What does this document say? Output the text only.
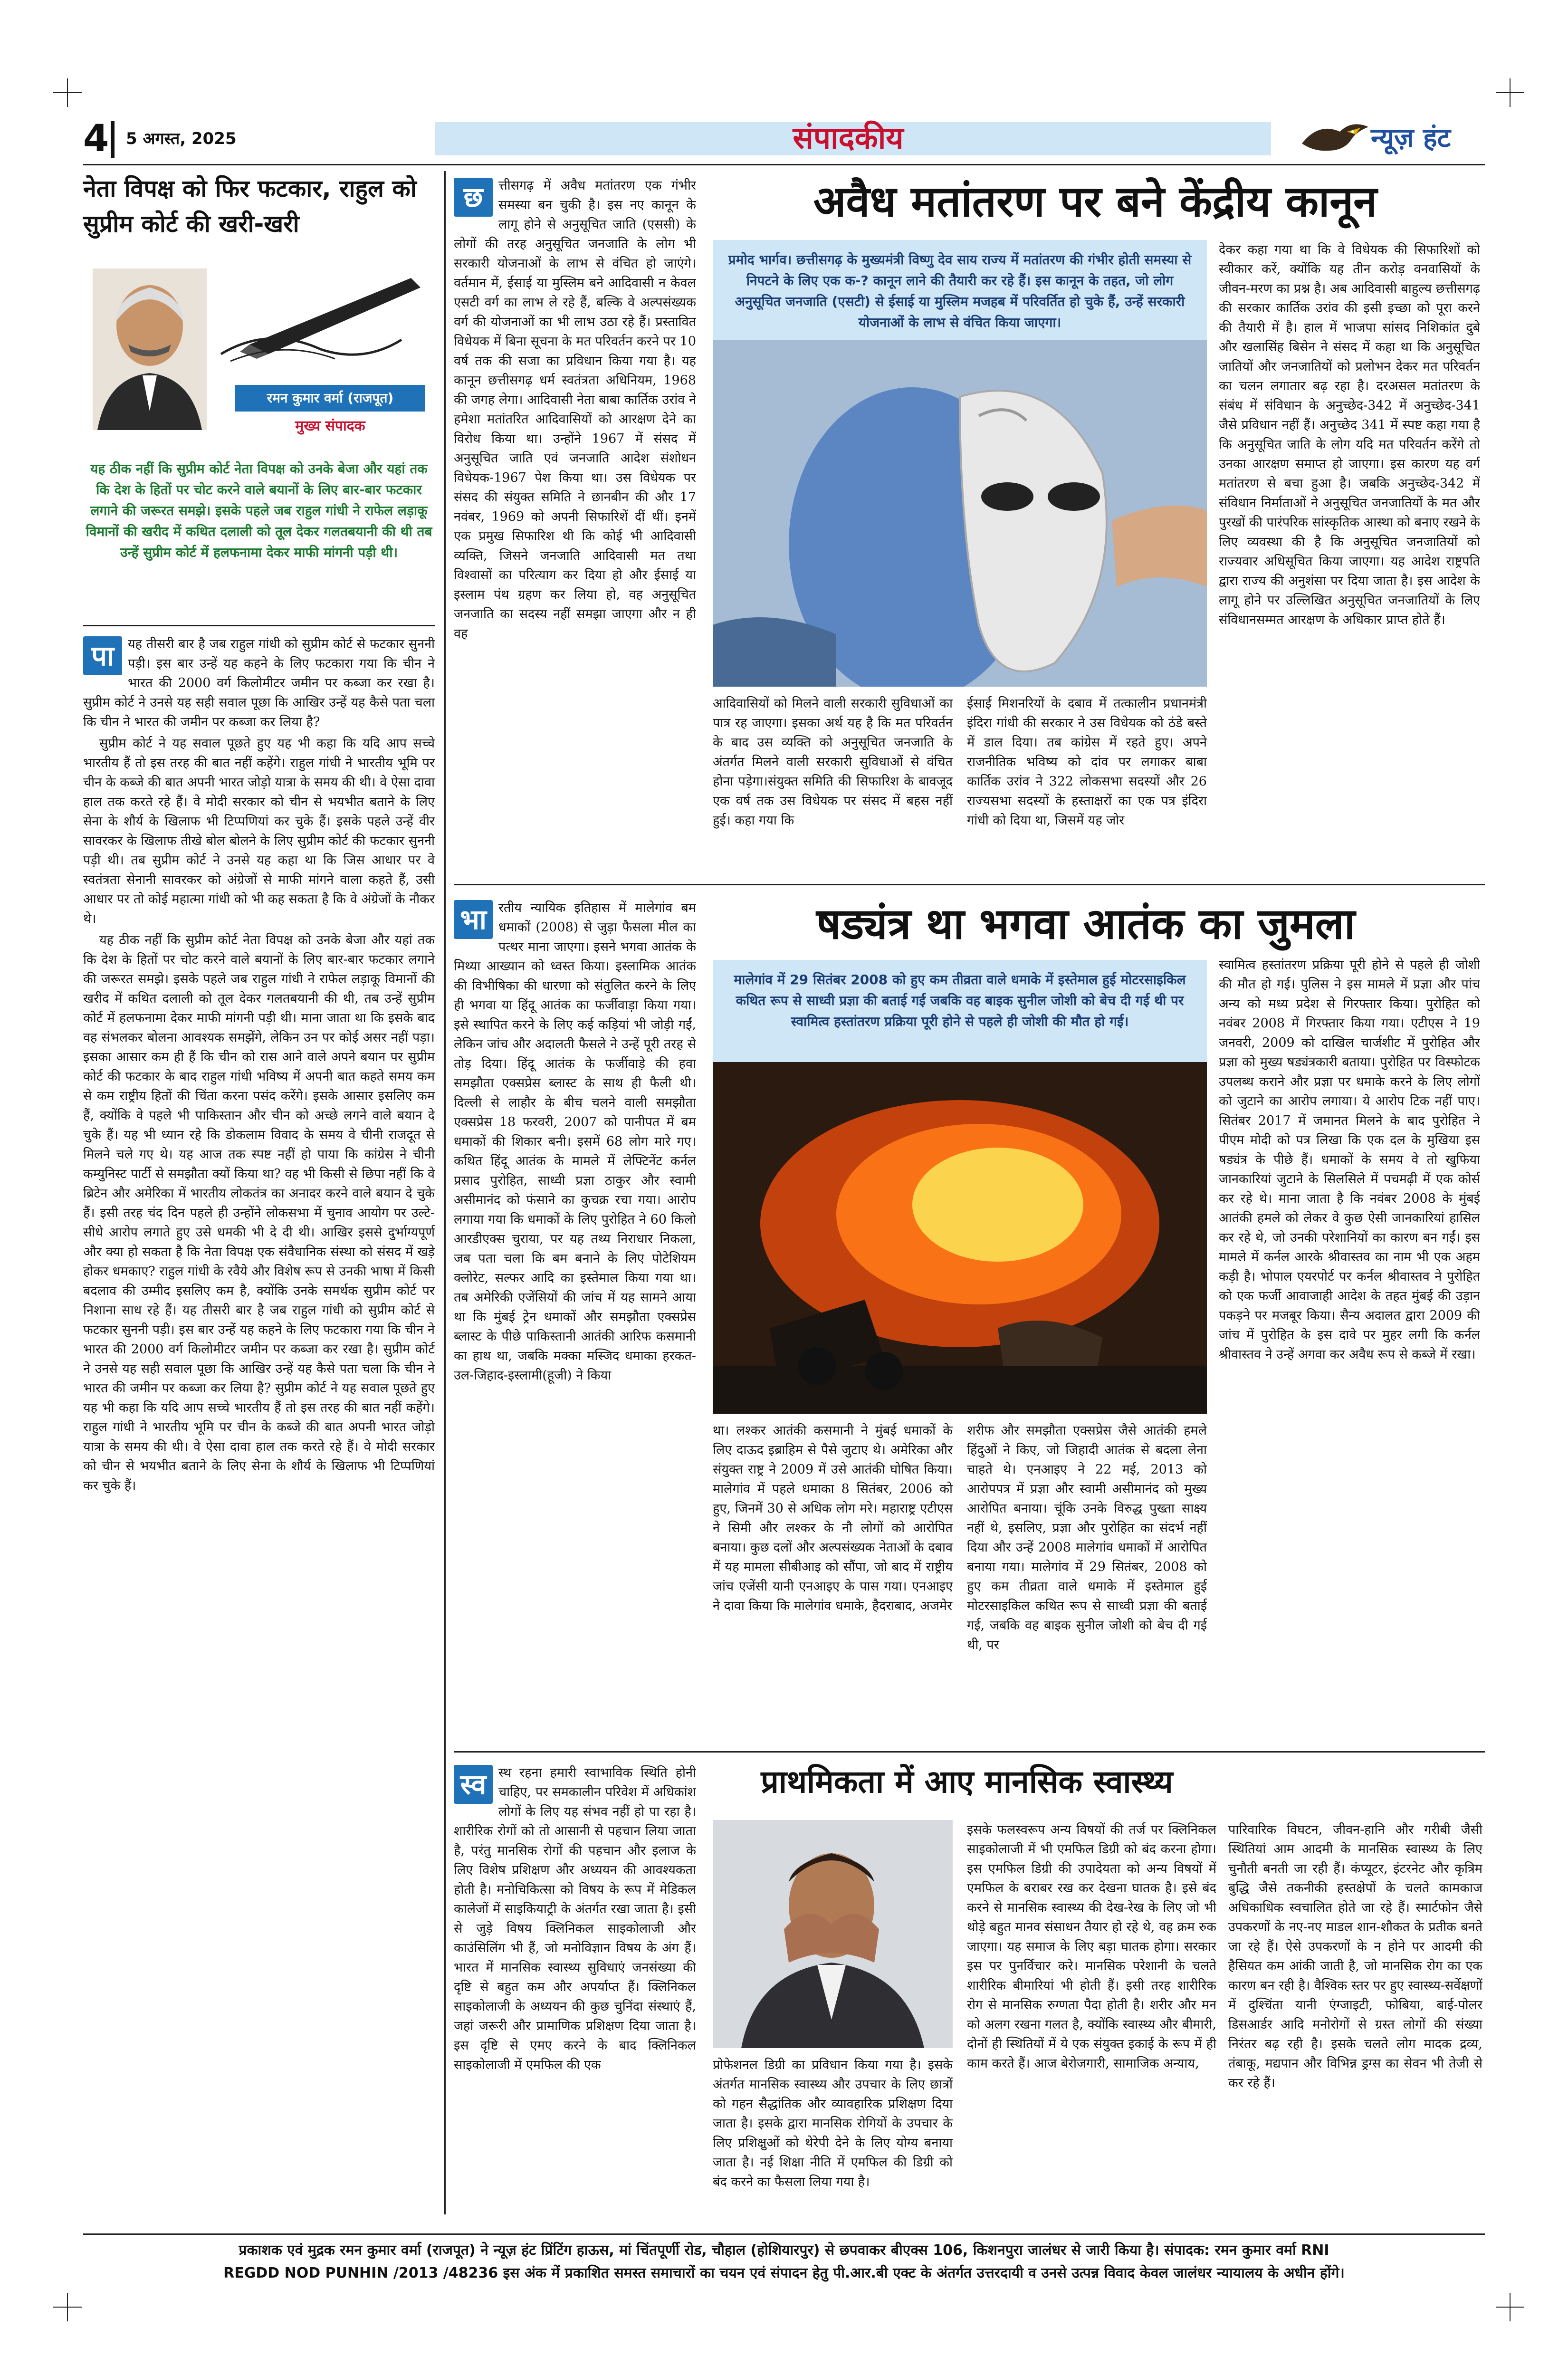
4 5 अगस्त, 2025	संपादकीय	न्यूज़ हंट
नेता विपक्ष को फिर फटकार, राहुल को सुप्रीम कोर्ट की खरी-खरी
रमन कुमार वर्मा (राजपूत)
मुख्य संपादक
यह ठीक नहीं कि सुप्रीम कोर्ट नेता विपक्ष को उनके बेजा और यहां तक कि देश के हितों पर चोट करने वाले बयानों के लिए बार-बार फटकार लगाने की जरूरत समझे। इसके पहले जब राहुल गांधी ने राफेल लड़ाकू विमानों की खरीद में कथित दलाली को तूल देकर गलतबयानी की थी तब उन्हें सुप्रीम कोर्ट में हलफनामा देकर माफी मांगनी पड़ी थी।
पा	यह तीसरी बार है जब राहुल गांधी को सुप्रीम कोर्ट से फटकार सुननी पड़ी। इस बार उन्हें यह कहने के लिए फटकारा गया कि चीन ने भारत की 2000 वर्ग किलोमीटर जमीन पर कब्जा कर रखा है। सुप्रीम कोर्ट ने उनसे यह सही सवाल पूछा कि आखिर उन्हें यह कैसे पता चला कि चीन ने भारत की जमीन पर कब्जा कर लिया है?

सुप्रीम कोर्ट ने यह सवाल पूछते हुए यह भी कहा कि यदि आप सच्चे भारतीय हैं तो इस तरह की बात नहीं कहेंगे। राहुल गांधी ने भारतीय भूमि पर चीन के कब्जे की बात अपनी भारत जोड़ो यात्रा के समय की थी। वे ऐसा दावा हाल तक करते रहे हैं। वे मोदी सरकार को चीन से भयभीत बताने के लिए सेना के शौर्य के खिलाफ भी टिप्पणियां कर चुके हैं। इसके पहले उन्हें वीर सावरकर के खिलाफ तीखे बोल बोलने के लिए सुप्रीम कोर्ट की फटकार सुननी पड़ी थी। तब सुप्रीम कोर्ट ने उनसे यह कहा था कि जिस आधार पर वे स्वतंत्रता सेनानी सावरकर को अंग्रेजों से माफी मांगने वाला कहते हैं, उसी आधार पर तो कोई महात्मा गांधी को भी कह सकता है कि वे अंग्रेजों के नौकर थे।

यह ठीक नहीं कि सुप्रीम कोर्ट नेता विपक्ष को उनके बेजा और यहां तक कि देश के हितों पर चोट करने वाले बयानों के लिए बार-बार फटकार लगाने की जरूरत समझे। इसके पहले जब राहुल गांधी ने राफेल लड़ाकू विमानों की खरीद में कथित दलाली को तूल देकर गलतबयानी की थी, तब उन्हें सुप्रीम कोर्ट में हलफनामा देकर माफी मांगनी पड़ी थी। माना जाता था कि इसके बाद वह संभलकर बोलना आवश्यक समझेंगे, लेकिन उन पर कोई असर नहीं पड़ा। इसका आसार कम ही हैं कि चीन को रास आने वाले अपने बयान पर सुप्रीम कोर्ट की फटकार के बाद राहुल गांधी भविष्य में अपनी बात कहते समय कम से कम राष्ट्रीय हितों की चिंता करना पसंद करेंगे। इसके आसार इसलिए कम हैं, क्योंकि वे पहले भी पाकिस्तान और चीन को अच्छे लगने वाले बयान दे चुके हैं। यह भी ध्यान रहे कि डोकलाम विवाद के समय वे चीनी राजदूत से मिलने चले गए थे। यह आज तक स्पष्ट नहीं हो पाया कि कांग्रेस ने चीनी कम्युनिस्ट पार्टी से समझौता क्यों किया था? वह भी किसी से छिपा नहीं कि वे ब्रिटेन और अमेरिका में भारतीय लोकतंत्र का अनादर करने वाले बयान दे चुके हैं। इसी तरह चंद दिन पहले ही उन्होंने लोकसभा में चुनाव आयोग पर उल्टे-सीधे आरोप लगाते हुए उसे धमकी भी दे दी थी। आखिर इससे दुर्भाग्यपूर्ण और क्या हो सकता है कि नेता विपक्ष एक संवैधानिक संस्था को संसद में खड़े होकर धमकाए? राहुल गांधी के रवैये और विशेष रूप से उनकी भाषा में किसी बदलाव की उम्मीद इसलिए कम है, क्योंकि उनके समर्थक सुप्रीम कोर्ट पर निशाना साध रहे हैं। यह तीसरी बार है जब राहुल गांधी को सुप्रीम कोर्ट से फटकार सुननी पड़ी। इस बार उन्हें यह कहने के लिए फटकारा गया कि चीन ने भारत की 2000 वर्ग किलोमीटर जमीन पर कब्जा कर रखा है। सुप्रीम कोर्ट ने उनसे यह सही सवाल पूछा कि आखिर उन्हें यह कैसे पता चला कि चीन ने भारत की जमीन पर कब्जा कर लिया है? सुप्रीम कोर्ट ने यह सवाल पूछते हुए यह भी कहा कि यदि आप सच्चे भारतीय हैं तो इस तरह की बात नहीं कहेंगे। राहुल गांधी ने भारतीय भूमि पर चीन के कब्जे की बात अपनी भारत जोड़ो यात्रा के समय की थी। वे ऐसा दावा हाल तक करते रहे हैं। वे मोदी सरकार को चीन से भयभीत बताने के लिए सेना के शौर्य के खिलाफ भी टिप्पणियां कर चुके हैं।

छ	त्तीसगढ़ में अवैध मतांतरण एक गंभीर समस्या बन चुकी है। इस नए कानून के लागू होने से अनुसूचित जाति (एससी) के लोगों की तरह अनुसूचित जनजाति के लोग भी सरकारी योजनाओं के लाभ से वंचित हो जाएंगे। वर्तमान में, ईसाई या मुस्लिम बने आदिवासी न केवल एसटी वर्ग का लाभ ले रहे हैं, बल्कि वे अल्पसंख्यक वर्ग की योजनाओं का भी लाभ उठा रहे हैं। प्रस्तावित विधेयक में बिना सूचना के मत परिवर्तन करने पर 10 वर्ष तक की सजा का प्रविधान किया गया है। यह कानून छत्तीसगढ़ धर्म स्वतंत्रता अधिनियम, 1968 की जगह लेगा। आदिवासी नेता बाबा कार्तिक उरांव ने हमेशा मतांतरित आदिवासियों को आरक्षण देने का विरोध किया था। उन्होंने 1967 में संसद में अनुसूचित जाति एवं जनजाति आदेश संशोधन विधेयक-1967 पेश किया था। उस विधेयक पर संसद की संयुक्त समिति ने छानबीन की और 17 नवंबर, 1969 को अपनी सिफारिशें दीं थीं। इनमें एक प्रमुख सिफारिश थी कि कोई भी आदिवासी व्यक्ति, जिसने जनजाति आदिवासी मत तथा विश्वासों का परित्याग कर दिया हो और ईसाई या इस्लाम पंथ ग्रहण कर लिया हो, वह अनुसूचित जनजाति का सदस्य नहीं समझा जाएगा और न ही वह
अवैध मतांतरण पर बने केंद्रीय कानून
प्रमोद भार्गव। छत्तीसगढ़ के मुख्यमंत्री विष्णु देव साय राज्य में मतांतरण की गंभीर होती समस्या से निपटने के लिए एक क-? कानून लाने की तैयारी कर रहे हैं। इस कानून के तहत, जो लोग अनुसूचित जनजाति (एसटी) से ईसाई या मुस्लिम मजहब में परिवर्तित हो चुके हैं, उन्हें सरकारी योजनाओं के लाभ से वंचित किया जाएगा।
देकर कहा गया था कि वे विधेयक की सिफारिशों को स्वीकार करें, क्योंकि यह तीन करोड़ वनवासियों के जीवन-मरण का प्रश्न है। अब आदिवासी बाहुल्य छत्तीसगढ़ की सरकार कार्तिक उरांव की इसी इच्छा को पूरा करने की तैयारी में है। हाल में भाजपा सांसद निशिकांत दुबे और खलासिंह बिसेन ने संसद में कहा था कि अनुसूचित जातियों और जनजातियों को प्रलोभन देकर मत परिवर्तन का चलन लगातार बढ़ रहा है। दरअसल मतांतरण के संबंध में संविधान के अनुच्छेद-342 में अनुच्छेद-341 जैसे प्रविधान नहीं हैं। अनुच्छेद 341 में स्पष्ट कहा गया है कि अनुसूचित जाति के लोग यदि मत परिवर्तन करेंगे तो उनका आरक्षण समाप्त हो जाएगा। इस कारण यह वर्ग मतांतरण से बचा हुआ है। जबकि अनुच्छेद-342 में संविधान निर्माताओं ने अनुसूचित जनजातियों के मत और पुरखों की पारंपरिक सांस्कृतिक आस्था को बनाए रखने के लिए व्यवस्था की है कि अनुसूचित जनजातियों को राज्यवार अधिसूचित किया जाएगा। यह आदेश राष्ट्रपति द्वारा राज्य की अनुशंसा पर दिया जाता है। इस आदेश के लागू होने पर उल्लिखित अनुसूचित जनजातियों के लिए संविधानसम्मत आरक्षण के अधिकार प्राप्त होते हैं।
आदिवासियों को मिलने वाली सरकारी सुविधाओं का पात्र रह जाएगा। इसका अर्थ यह है कि मत परिवर्तन के बाद उस व्यक्ति को अनुसूचित जनजाति के अंतर्गत मिलने वाली सरकारी सुविधाओं से वंचित होना पड़ेगा।संयुक्त समिति की सिफारिश के बावजूद एक वर्ष तक उस विधेयक पर संसद में बहस नहीं हुई। कहा गया कि
ईसाई मिशनरियों के दबाव में तत्कालीन प्रधानमंत्री इंदिरा गांधी की सरकार ने उस विधेयक को ठंडे बस्ते में डाल दिया। तब कांग्रेस में रहते हुए। अपने राजनीतिक भविष्य को दांव पर लगाकर बाबा कार्तिक उरांव ने 322 लोकसभा सदस्यों और 26 राज्यसभा सदस्यों के हस्ताक्षरों का एक पत्र इंदिरा गांधी को दिया था, जिसमें यह जोर
भा रतीय न्यायिक इतिहास में मालेगांव बम धमाकों (2008) से जुड़ा फैसला मील का पत्थर माना जाएगा। इसने भगवा आतंक के मिथ्या आख्यान को ध्वस्त किया। इस्लामिक आतंक की विभीषिका की धारणा को संतुलित करने के लिए ही भगवा या हिंदू आतंक का फर्जीवाड़ा किया गया। इसे स्थापित करने के लिए कई कड़ियां भी जोड़ी गईं, लेकिन जांच और अदालती फैसले ने उन्हें पूरी तरह से तोड़ दिया। हिंदू आतंक के फर्जीवाड़े की हवा समझौता एक्सप्रेस ब्लास्ट के साथ ही फैली थी। दिल्ली से लाहौर के बीच चलने वाली समझौता एक्सप्रेस 18 फरवरी, 2007 को पानीपत में बम धमाकों की शिकार बनी। इसमें 68 लोग मारे गए। कथित हिंदू आतंक के मामले में लेफ्टिनेंट कर्नल प्रसाद पुरोहित, साध्वी प्रज्ञा ठाकुर और स्वामी असीमानंद को फंसाने का कुचक्र रचा गया। आरोप लगाया गया कि धमाकों के लिए पुरोहित ने 60 किलो आरडीएक्स चुराया, पर यह तथ्य निराधार निकला, जब पता चला कि बम बनाने के लिए पोटेशियम क्लोरेट, सल्फर आदि का इस्तेमाल किया गया था। तब अमेरिकी एजेंसियों की जांच में यह सामने आया था कि मुंबई ट्रेन धमाकों और समझौता एक्सप्रेस ब्लास्ट के पीछे पाकिस्तानी आतंकी आरिफ कसमानी का हाथ था, जबकि मक्का मस्जिद धमाका हरकत-उल-जिहाद-इस्लामी(हूजी) ने किया
षड्यंत्र था भगवा आतंक का जुमला
मालेगांव में 29 सितंबर 2008 को हुए कम तीव्रता वाले धमाके में इस्तेमाल हुई मोटरसाइकिल कथित रूप से साध्वी प्रज्ञा की बताई गई जबकि वह बाइक सुनील जोशी को बेच दी गई थी पर स्वामित्व हस्तांतरण प्रक्रिया पूरी होने से पहले ही जोशी की मौत हो गई।
स्वामित्व हस्तांतरण प्रक्रिया पूरी होने से पहले ही जोशी की मौत हो गई। पुलिस ने इस मामले में प्रज्ञा और पांच अन्य को मध्य प्रदेश से गिरफ्तार किया। पुरोहित को नवंबर 2008 में गिरफ्तार किया गया। एटीएस ने 19 जनवरी, 2009 को दाखिल चार्जशीट में पुरोहित और प्रज्ञा को मुख्य षड्यंत्रकारी बताया। पुरोहित पर विस्फोटक उपलब्ध कराने और प्रज्ञा पर धमाके करने के लिए लोगों को जुटाने का आरोप लगाया। ये आरोप टिक नहीं पाए। सितंबर 2017 में जमानत मिलने के बाद पुरोहित ने पीएम मोदी को पत्र लिखा कि एक दल के मुखिया इस षड्यंत्र के पीछे हैं। धमाकों के समय वे तो खुफिया जानकारियां जुटाने के सिलसिले में पचमढ़ी में एक कोर्स कर रहे थे। माना जाता है कि नवंबर 2008 के मुंबई आतंकी हमले को लेकर वे कुछ ऐसी जानकारियां हासिल कर रहे थे, जो उनकी परेशानियों का कारण बन गईं। इस मामले में कर्नल आरके श्रीवास्तव का नाम भी एक अहम कड़ी है। भोपाल एयरपोर्ट पर कर्नल श्रीवास्तव ने पुरोहित को एक फर्जी आवाजाही आदेश के तहत मुंबई की उड़ान पकड़ने पर मजबूर किया। सैन्य अदालत द्वारा 2009 की जांच में पुरोहित के इस दावे पर मुहर लगी कि कर्नल श्रीवास्तव ने उन्हें अगवा कर अवैध रूप से कब्जे में रखा।
था। लश्कर आतंकी कसमानी ने मुंबई धमाकों के लिए दाऊद इब्राहिम से पैसे जुटाए थे। अमेरिका और संयुक्त राष्ट्र ने 2009 में उसे आतंकी घोषित किया। मालेगांव में पहले धमाका 8 सितंबर, 2006 को हुए, जिनमें 30 से अधिक लोग मरे। महाराष्ट्र एटीएस ने सिमी और लश्कर के नौ लोगों को आरोपित बनाया। कुछ दलों और अल्पसंख्यक नेताओं के दबाव में यह मामला सीबीआइ को सौंपा, जो बाद में राष्ट्रीय जांच एजेंसी यानी एनआइए के पास गया। एनआइए ने दावा किया कि मालेगांव धमाके, हैदराबाद, अजमेर
शरीफ और समझौता एक्सप्रेस जैसे आतंकी हमले हिंदुओं ने किए, जो जिहादी आतंक से बदला लेना चाहते थे। एनआइए ने 22 मई, 2013 को आरोपपत्र में प्रज्ञा और स्वामी असीमानंद को मुख्य आरोपित बनाया। चूंकि उनके विरुद्ध पुख्ता साक्ष्य नहीं थे, इसलिए, प्रज्ञा और पुरोहित का संदर्भ नहीं दिया और उन्हें 2008 मालेगांव धमाकों में आरोपित बनाया गया। मालेगांव में 29 सितंबर, 2008 को हुए कम तीव्रता वाले धमाके में इस्तेमाल हुई मोटरसाइकिल कथित रूप से साध्वी प्रज्ञा की बताई गई, जबकि वह बाइक सुनील जोशी को बेच दी गई थी, पर
स्व स्थ रहना हमारी स्वाभाविक स्थिति होनी चाहिए, पर समकालीन परिवेश में अधिकांश लोगों के लिए यह संभव नहीं हो पा रहा है। शारीरिक रोगों को तो आसानी से पहचान लिया जाता है, परंतु मानसिक रोगों की पहचान और इलाज के लिए विशेष प्रशिक्षण और अध्ययन की आवश्यकता होती है। मनोचिकित्सा को विषय के रूप में मेडिकल कालेजों में साइकियाट्री के अंतर्गत रखा जाता है। इसी से जुड़े विषय क्लिनिकल साइकोलाजी और काउंसिलिंग भी हैं, जो मनोविज्ञान विषय के अंग हैं। भारत में मानसिक स्वास्थ्य सुविधाएं जनसंख्या की दृष्टि से बहुत कम और अपर्याप्त हैं। क्लिनिकल साइकोलाजी के अध्ययन की कुछ चुनिंदा संस्थाएं हैं, जहां जरूरी और प्रामाणिक प्रशिक्षण दिया जाता है। इस दृष्टि से एमए करने के बाद क्लिनिकल साइकोलाजी में एमफिल की एक
प्राथमिकता में आए मानसिक स्वास्थ्य
प्रोफेशनल डिग्री का प्रविधान किया गया है। इसके अंतर्गत मानसिक स्वास्थ्य और उपचार के लिए छात्रों को गहन सैद्धांतिक और व्यावहारिक प्रशिक्षण दिया जाता है। इसके द्वारा मानसिक रोगियों के उपचार के लिए प्रशिक्षुओं को थेरेपी देने के लिए योग्य बनाया जाता है। नई शिक्षा नीति में एमफिल की डिग्री को बंद करने का फैसला लिया गया है।
इसके फलस्वरूप अन्य विषयों की तर्ज पर क्लिनिकल साइकोलाजी में भी एमफिल डिग्री को बंद करना होगा। इस एमफिल डिग्री की उपादेयता को अन्य विषयों में एमफिल के बराबर रख कर देखना घातक है। इसे बंद करने से मानसिक स्वास्थ्य की देख-रेख के लिए जो भी थोड़े बहुत मानव संसाधन तैयार हो रहे थे, वह क्रम रुक जाएगा। यह समाज के लिए बड़ा घातक होगा। सरकार इस पर पुनर्विचार करे। मानसिक परेशानी के चलते शारीरिक बीमारियां भी होती हैं। इसी तरह शारीरिक रोग से मानसिक रुग्णता पैदा होती है। शरीर और मन को अलग रखना गलत है, क्योंकि स्वास्थ्य और बीमारी, दोनों ही स्थितियों में ये एक संयुक्त इकाई के रूप में ही काम करते हैं। आज बेरोजगारी, सामाजिक अन्याय,
पारिवारिक विघटन, जीवन-हानि और गरीबी जैसी स्थितियां आम आदमी के मानसिक स्वास्थ्य के लिए चुनौती बनती जा रही हैं। कंप्यूटर, इंटरनेट और कृत्रिम बुद्धि जैसे तकनीकी हस्तक्षेपों के चलते कामकाज अधिकाधिक स्वचालित होते जा रहे हैं। स्मार्टफोन जैसे उपकरणों के नए-नए माडल शान-शौकत के प्रतीक बनते जा रहे हैं। ऐसे उपकरणों के न होने पर आदमी की हैसियत कम आंकी जाती है, जो मानसिक रोग का एक कारण बन रही है। वैश्विक स्तर पर हुए स्वास्थ्य-सर्वेक्षणों में दुश्चिंता यानी एंग्जाइटी, फोबिया, बाई-पोलर डिसआर्डर आदि मनोरोगों से ग्रस्त लोगों की संख्या निरंतर बढ़ रही है। इसके चलते लोग मादक द्रव्य, तंबाकू, मद्यपान और विभिन्न ड्रग्स का सेवन भी तेजी से कर रहे हैं।
प्रकाशक एवं मुद्रक रमन कुमार वर्मा (राजपूत) ने न्यूज़ हंट प्रिंटिंग हाऊस, मां चिंतपूर्णी रोड, चौहाल (होशियारपुर) से छपवाकर बीएक्स 106, किशनपुरा जालंधर से जारी किया है। संपादक: रमन कुमार वर्मा RNI
REGDD NOD PUNHIN /2013 /48236 इस अंक में प्रकाशित समस्त समाचारों का चयन एवं संपादन हेतु पी.आर.बी एक्ट के अंतर्गत उत्तरदायी व उनसे उत्पन्न विवाद केवल जालंधर न्यायालय के अधीन होंगे।
